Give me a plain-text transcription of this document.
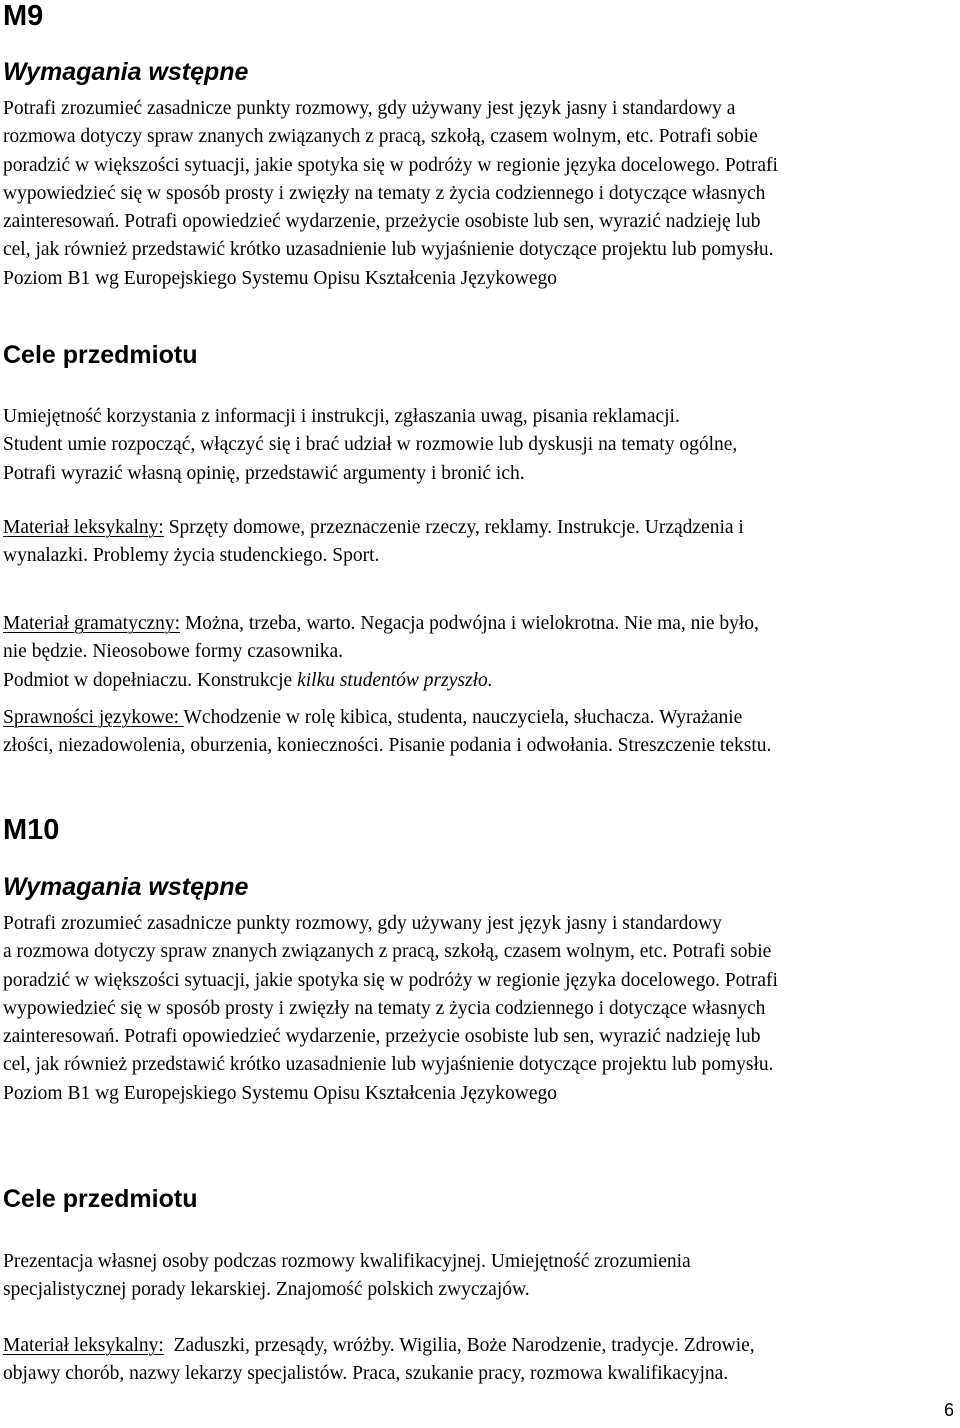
M9
Wymagania wstępne
Potrafi zrozumieć zasadnicze punkty rozmowy, gdy używany jest język jasny i standardowy a
rozmowa dotyczy spraw znanych związanych z pracą, szkołą, czasem wolnym, etc. Potrafi sobie
poradzić w większości sytuacji, jakie spotyka się w podróży w regionie języka docelowego. Potrafi
wypowiedzieć się w sposób prosty i zwięzły na tematy z życia codziennego i dotyczące własnych
zainteresowań. Potrafi opowiedzieć wydarzenie, przeżycie osobiste lub sen, wyrazić nadzieję lub
cel, jak również przedstawić krótko uzasadnienie lub wyjaśnienie dotyczące projektu lub pomysłu.
Poziom B1 wg Europejskiego Systemu Opisu Kształcenia Językowego
Cele przedmiotu
Umiejętność korzystania z informacji i instrukcji, zgłaszania uwag, pisania reklamacji.
Student umie rozpocząć, włączyć się i brać udział w rozmowie lub dyskusji na tematy ogólne,
Potrafi wyrazić własną opinię, przedstawić argumenty i bronić ich.
Materiał leksykalny: Sprzęty domowe, przeznaczenie rzeczy, reklamy. Instrukcje. Urządzenia i
wynalazki. Problemy życia studenckiego. Sport.
Materiał gramatyczny: Można, trzeba, warto. Negacja podwójna i wielokrotna. Nie ma, nie było,
nie będzie. Nieosobowe formy czasownika.
Podmiot w dopełniaczu. Konstrukcje kilku studentów przyszło.
Sprawności językowe: Wchodzenie w rolę kibica, studenta, nauczyciela, słuchacza. Wyrażanie
złości, niezadowolenia, oburzenia, konieczności. Pisanie podania i odwołania. Streszczenie tekstu.
M10
Wymagania wstępne
Potrafi zrozumieć zasadnicze punkty rozmowy, gdy używany jest język jasny i standardowy
a rozmowa dotyczy spraw znanych związanych z pracą, szkołą, czasem wolnym, etc. Potrafi sobie
poradzić w większości sytuacji, jakie spotyka się w podróży w regionie języka docelowego. Potrafi
wypowiedzieć się w sposób prosty i zwięzły na tematy z życia codziennego i dotyczące własnych
zainteresowań. Potrafi opowiedzieć wydarzenie, przeżycie osobiste lub sen, wyrazić nadzieję lub
cel, jak również przedstawić krótko uzasadnienie lub wyjaśnienie dotyczące projektu lub pomysłu.
Poziom B1 wg Europejskiego Systemu Opisu Kształcenia Językowego
Cele przedmiotu
Prezentacja własnej osoby podczas rozmowy kwalifikacyjnej. Umiejętność zrozumienia
specjalistycznej porady lekarskiej. Znajomość polskich zwyczajów.
Materiał leksykalny:  Zaduszki, przesądy, wróżby. Wigilia, Boże Narodzenie, tradycje. Zdrowie,
objawy chorób, nazwy lekarzy specjalistów. Praca, szukanie pracy, rozmowa kwalifikacyjna.
6
